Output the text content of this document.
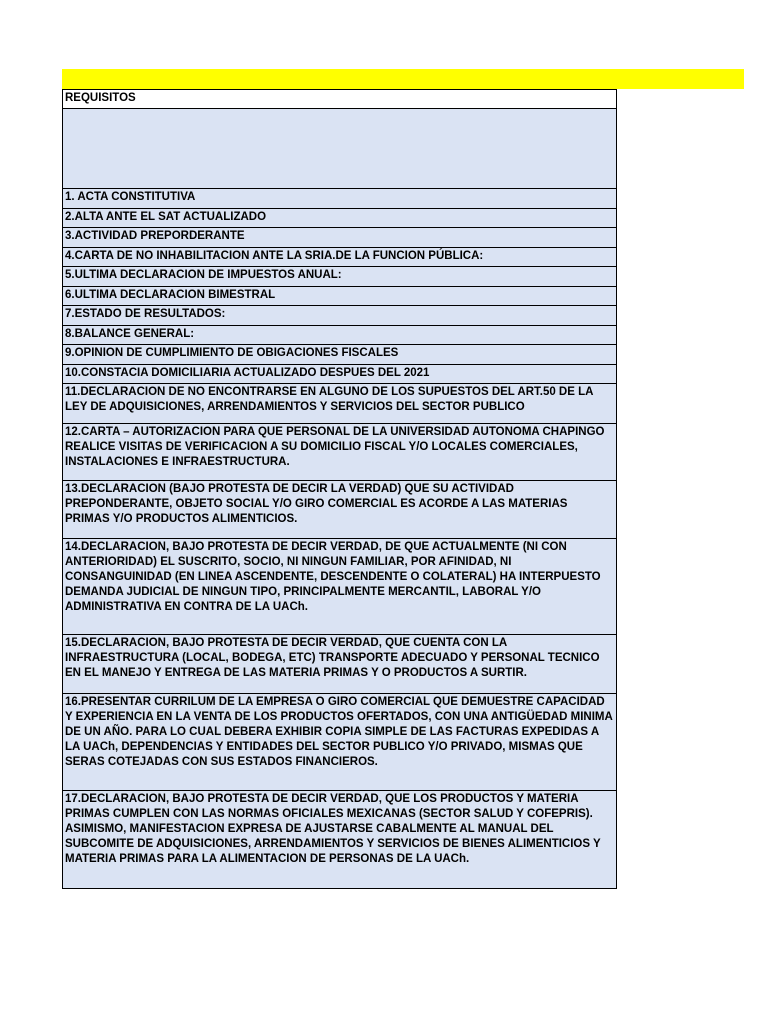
REQUISITOS

1. ACTA CONSTITUTIVA
2.ALTA ANTE EL SAT ACTUALIZADO
3.ACTIVIDAD PREPORDERANTE
4.CARTA DE NO INHABILITACION ANTE LA SRIA.DE LA FUNCION PÚBLICA:
5.ULTIMA DECLARACION DE IMPUESTOS ANUAL:
6.ULTIMA DECLARACION BIMESTRAL
7.ESTADO DE RESULTADOS:
8.BALANCE GENERAL:
9.OPINION DE CUMPLIMIENTO DE OBIGACIONES FISCALES
10.CONSTACIA DOMICILIARIA ACTUALIZADO DESPUES DEL 2021
11.DECLARACION DE NO ENCONTRARSE EN ALGUNO DE LOS SUPUESTOS DEL ART.50 DE LA LEY DE ADQUISICIONES, ARRENDAMIENTOS Y SERVICIOS DEL SECTOR PUBLICO
12.CARTA – AUTORIZACION PARA QUE PERSONAL DE LA UNIVERSIDAD AUTONOMA CHAPINGO REALICE VISITAS DE VERIFICACION A SU DOMICILIO FISCAL Y/O LOCALES COMERCIALES, INSTALACIONES E INFRAESTRUCTURA.
13.DECLARACION (BAJO PROTESTA DE DECIR LA VERDAD) QUE SU ACTIVIDAD PREPONDERANTE, OBJETO SOCIAL Y/O GIRO COMERCIAL ES ACORDE A LAS MATERIAS PRIMAS Y/O PRODUCTOS ALIMENTICIOS.
14.DECLARACION, BAJO PROTESTA DE DECIR VERDAD, DE QUE ACTUALMENTE (NI CON ANTERIORIDAD) EL SUSCRITO, SOCIO, NI NINGUN FAMILIAR, POR AFINIDAD, NI CONSANGUINIDAD (EN LINEA ASCENDENTE, DESCENDENTE O COLATERAL) HA INTERPUESTO DEMANDA JUDICIAL DE NINGUN TIPO, PRINCIPALMENTE MERCANTIL, LABORAL Y/O ADMINISTRATIVA EN CONTRA DE LA UACh.
15.DECLARACION, BAJO PROTESTA DE DECIR VERDAD, QUE CUENTA CON LA INFRAESTRUCTURA (LOCAL, BODEGA, ETC) TRANSPORTE ADECUADO Y PERSONAL TECNICO EN EL MANEJO Y ENTREGA DE LAS MATERIA PRIMAS Y O PRODUCTOS A SURTIR.
16.PRESENTAR CURRILUM DE LA EMPRESA O GIRO COMERCIAL QUE DEMUESTRE CAPACIDAD Y EXPERIENCIA EN LA VENTA DE LOS PRODUCTOS OFERTADOS, CON UNA ANTIGÜEDAD MINIMA DE UN AÑO. PARA LO CUAL DEBERA EXHIBIR COPIA SIMPLE DE LAS FACTURAS EXPEDIDAS A LA UACh, DEPENDENCIAS Y ENTIDADES DEL SECTOR PUBLICO Y/O PRIVADO, MISMAS QUE SERAS COTEJADAS CON SUS ESTADOS FINANCIEROS.
17.DECLARACION, BAJO PROTESTA DE DECIR VERDAD, QUE LOS PRODUCTOS Y MATERIA PRIMAS CUMPLEN CON LAS NORMAS OFICIALES MEXICANAS (SECTOR SALUD Y COFEPRIS). ASIMISMO, MANIFESTACION EXPRESA DE AJUSTARSE CABALMENTE AL MANUAL DEL SUBCOMITE DE ADQUISICIONES, ARRENDAMIENTOS Y SERVICIOS DE BIENES ALIMENTICIOS Y MATERIA PRIMAS PARA LA ALIMENTACION DE PERSONAS DE LA UACh.
